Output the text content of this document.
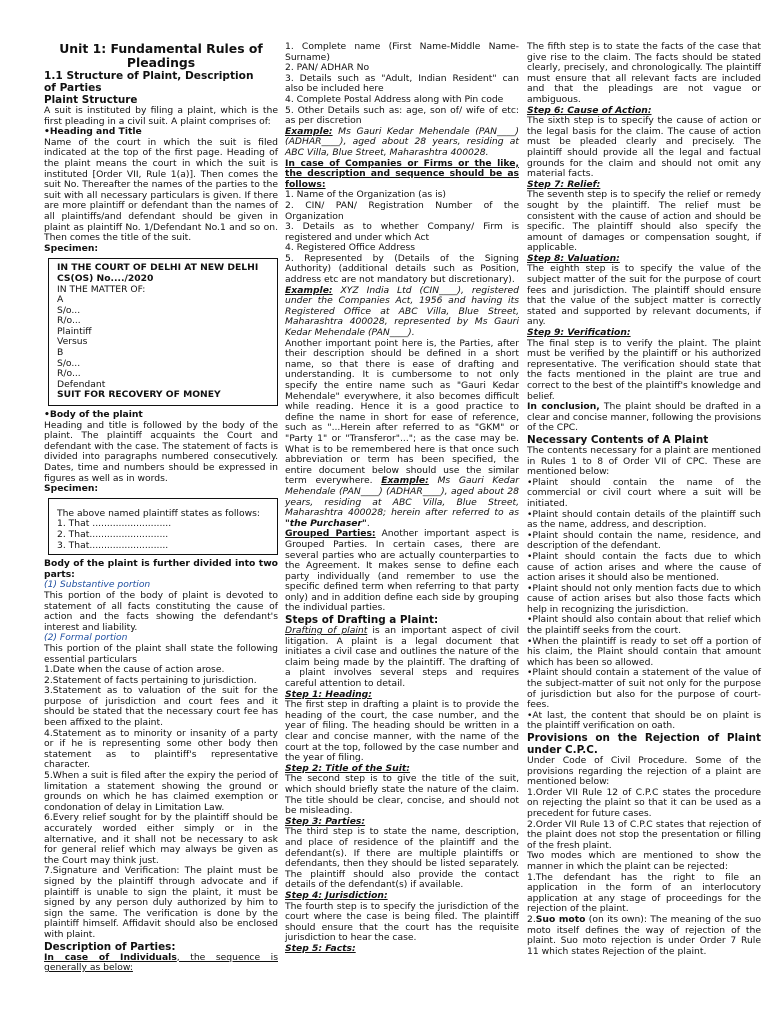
Unit 1: Fundamental Rules of Pleadings

1.1 Structure of Plaint, Description

of Parties

Plaint Structure

A suit is instituted by filing a plaint, which is the first pleading in a civil suit. A plaint comprises of:

•Heading and Title

Name of the court in which the suit is filed indicated at the top of the first page. Heading of the plaint means the court in which the suit is instituted [Order VII, Rule 1(a)]. Then comes the suit No. Thereafter the names of the parties to the suit with all necessary particulars is given. If there are more plaintiff or defendant than the names of all plaintiffs/and defendant should be given in plaint as plaintiff No. 1/Defendant No.1 and so on. Then comes the title of the suit.

Specimen:

IN THE COURT OF DELHI AT NEW DELHI

CS(OS) No..../2020

IN THE MATTER OF:

A

S/o...

R/o...

Plaintiff

Versus

B

S/o...

R/o...

Defendant

SUIT FOR RECOVERY OF MONEY

•Body of the plaint

Heading and title is followed by the body of the plaint. The plaintiff acquaints the Court and defendant with the case. The statement of facts is divided into paragraphs numbered consecutively. Dates, time and numbers should be expressed in figures as well as in words.

Specimen:

The above named plaintiff states as follows:

1. That ...........................

2. That...........................

3. That...........................

Body of the plaint is further divided into two parts:

(1) Substantive portion

This portion of the body of plaint is devoted to statement of all facts constituting the cause of action and the facts showing the defendant's interest and liability.

(2) Formal portion

This portion of the plaint shall state the following essential particulars

1.Date when the cause of action arose.

2.Statement of facts pertaining to jurisdiction.

3.Statement as to valuation of the suit for the purpose of jurisdiction and court fees and it should be stated that the necessary court fee has been affixed to the plaint.

4.Statement as to minority or insanity of a party or if he is representing some other body then statement as to plaintiff's representative character.

5.When a suit is filed after the expiry the period of limitation a statement showing the ground or grounds on which he has claimed exemption or condonation of delay in Limitation Law.

6.Every relief sought for by the plaintiff should be accurately worded either simply or in the alternative, and it shall not be necessary to ask for general relief which may always be given as the Court may think just.

7.Signature and Verification: The plaint must be signed by the plaintiff through advocate and if plaintiff is unable to sign the plaint, it must be signed by any person duly authorized by him to sign the same. The verification is done by the plaintiff himself. Affidavit should also be enclosed with plaint.

Description of Parties:

In case of Individuals, the sequence is generally as below:

1. Complete name (First Name-Middle Name-Surname)

2. PAN/ ADHAR No

3. Details such as "Adult, Indian Resident" can also be included here

4. Complete Postal Address along with Pin code

5. Other Details such as: age, son of/ wife of etc: as per discretion

Example: Ms Gauri Kedar Mehendale (PAN____) (ADHAR____), aged about 28 years, residing at ABC Villa, Blue Street, Maharashtra 400028.

In case of Companies or Firms or the like, the description and sequence should be as follows:

1. Name of the Organization (as is)

2. CIN/ PAN/ Registration Number of the Organization

3. Details as to whether Company/ Firm is registered and under which Act

4. Registered Office Address

5. Represented by (Details of the Signing Authority) (additional details such as Position, address etc are not mandatory but discretionary).

Example: XYZ India Ltd (CIN____), registered under the Companies Act, 1956 and having its Registered Office at ABC Villa, Blue Street, Maharashtra 400028, represented by Ms Gauri Kedar Mehendale (PAN____).

Another important point here is, the Parties, after their description should be defined in a short name, so that there is ease of drafting and understanding. It is cumbersome to not only specify the entire name such as "Gauri Kedar Mehendale" everywhere, it also becomes difficult while reading. Hence it is a good practice to define the name in short for ease of reference, such as "...Herein after referred to as "GKM" or "Party 1" or "Transferor"..."; as the case may be. What is to be remembered here is that once such abbreviation or term has been specified, the entire document below should use the similar term everywhere. Example: Ms Gauri Kedar Mehendale (PAN____) (ADHAR____), aged about 28 years, residing at ABC Villa, Blue Street, Maharashtra 400028; herein after referred to as "the Purchaser".

Grouped Parties: Another important aspect is Grouped Parties. In certain cases, there are several parties who are actually counterparties to the Agreement. It makes sense to define each party individually (and remember to use the specific defined term when referring to that party only) and in addition define each side by grouping the individual parties.

Steps of Drafting a Plaint:

Drafting of plaint is an important aspect of civil litigation. A plaint is a legal document that initiates a civil case and outlines the nature of the claim being made by the plaintiff. The drafting of a plaint involves several steps and requires careful attention to detail.

Step 1: Heading:

The first step in drafting a plaint is to provide the heading of the court, the case number, and the year of filing. The heading should be written in a clear and concise manner, with the name of the court at the top, followed by the case number and the year of filing.

Step 2: Title of the Suit:

The second step is to give the title of the suit, which should briefly state the nature of the claim. The title should be clear, concise, and should not be misleading.

Step 3: Parties:

The third step is to state the name, description, and place of residence of the plaintiff and the defendant(s). If there are multiple plaintiffs or defendants, then they should be listed separately. The plaintiff should also provide the contact details of the defendant(s) if available.

Step 4: Jurisdiction:

The fourth step is to specify the jurisdiction of the court where the case is being filed. The plaintiff should ensure that the court has the requisite jurisdiction to hear the case.

Step 5: Facts:

The fifth step is to state the facts of the case that give rise to the claim. The facts should be stated clearly, precisely, and chronologically. The plaintiff must ensure that all relevant facts are included and that the pleadings are not vague or ambiguous.

Step 6: Cause of Action:

The sixth step is to specify the cause of action or the legal basis for the claim. The cause of action must be pleaded clearly and precisely. The plaintiff should provide all the legal and factual grounds for the claim and should not omit any material facts.

Step 7: Relief:

The seventh step is to specify the relief or remedy sought by the plaintiff. The relief must be consistent with the cause of action and should be specific. The plaintiff should also specify the amount of damages or compensation sought, if applicable.

Step 8: Valuation:

The eighth step is to specify the value of the subject matter of the suit for the purpose of court fees and jurisdiction. The plaintiff should ensure that the value of the subject matter is correctly stated and supported by relevant documents, if any.

Step 9: Verification:

The final step is to verify the plaint. The plaint must be verified by the plaintiff or his authorized representative. The verification should state that the facts mentioned in the plaint are true and correct to the best of the plaintiff's knowledge and belief.

In conclusion, The plaint should be drafted in a clear and concise manner, following the provisions of the CPC.

Necessary Contents of A Plaint

The contents necessary for a plaint are mentioned in Rules 1 to 8 of Order VII of CPC. These are mentioned below:

•Plaint should contain the name of the commercial or civil court where a suit will be initiated.

•Plaint should contain details of the plaintiff such as the name, address, and description.

•Plaint should contain the name, residence, and description of the defendant.

•Plaint should contain the facts due to which cause of action arises and where the cause of action arises it should also be mentioned.

•Plaint should not only mention facts due to which cause of action arises but also those facts which help in recognizing the jurisdiction.

•Plaint should also contain about that relief which the plaintiff seeks from the court.

•When the plaintiff is ready to set off a portion of his claim, the Plaint should contain that amount which has been so allowed.

•Plaint should contain a statement of the value of the subject-matter of suit not only for the purpose of jurisdiction but also for the purpose of court-fees.

•At last, the content that should be on plaint is the plaintiff verification on oath.

Provisions on the Rejection of Plaint under C.P.C.

Under Code of Civil Procedure. Some of the provisions regarding the rejection of a plaint are mentioned below:

1.Order VII Rule 12 of C.P.C states the procedure on rejecting the plaint so that it can be used as a precedent for future cases.

2.Order VII Rule 13 of C.P.C states that rejection of the plaint does not stop the presentation or filling of the fresh plaint.

Two modes which are mentioned to show the manner in which the plaint can be rejected:

1.The defendant has the right to file an application in the form of an interlocutory application at any stage of proceedings for the rejection of the plaint.

2.Suo moto (on its own): The meaning of the suo moto itself defines the way of rejection of the plaint. Suo moto rejection is under Order 7 Rule 11 which states Rejection of the plaint.
